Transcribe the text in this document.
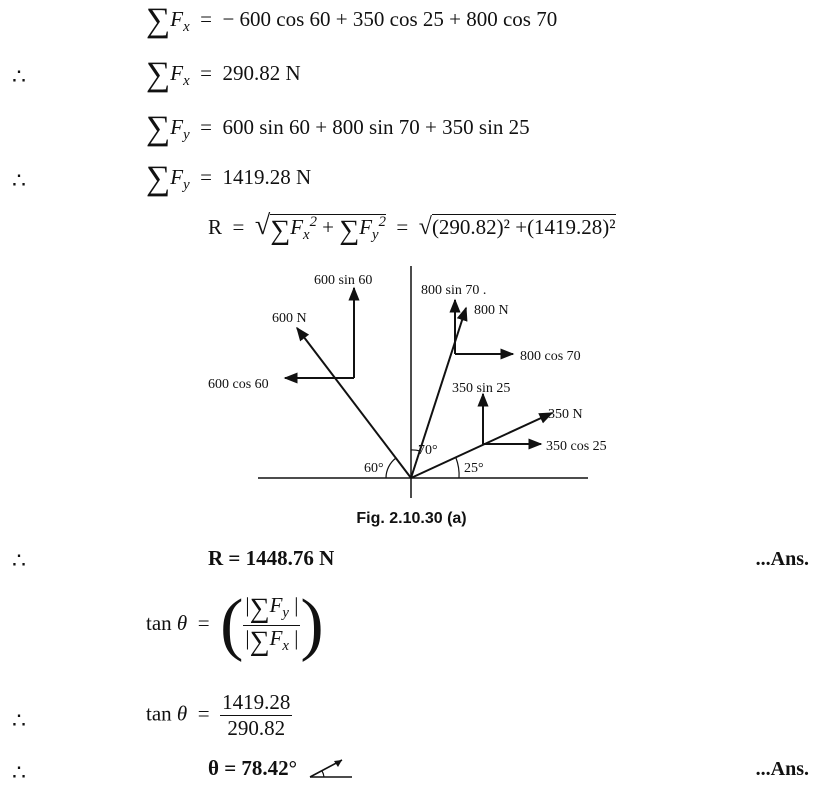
$\sum F_x$  =  − 600 cos 60 + 350 cos 25 + 800 cos 70
∴	$\sum F_x = 290.82$ N
$\sum F_y = 600$ sin 60 + 800 sin 70 + 350 sin 25
∴	$\sum F_y = 1419.28$ N
$R = √\sum F_x^2 + \sum F_y^2 = √(290.82)^2 +(1419.28)^2$
600 sin 60
600 N
600 cos 60
800 sin 70 .
800 N
800 cos 70
350 sin 25
350 N
350 cos 25
60°
70°
25°
Fig. 2.10.30 (a)
∴	R = 1448.76 N	...Ans.
tan θ  =  ( $\frac{|\sum F_y |}{|\sum F_x |}$ )
∴	$\tan \theta = \frac{1419.28}{290.82}$
∴	θ = 78.42°	...Ans.
